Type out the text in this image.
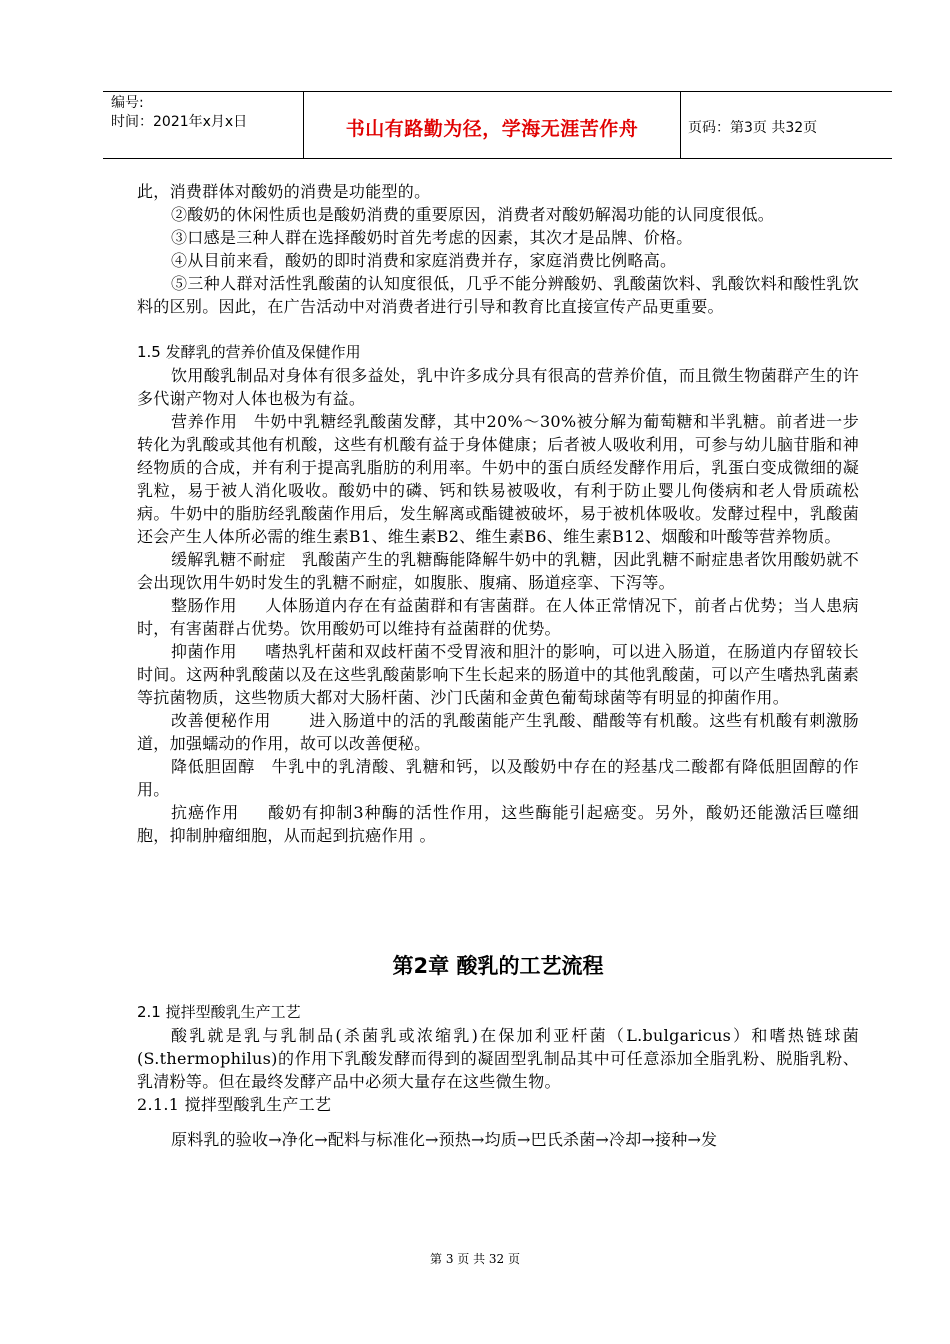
编号:
时间：2021年x月x日	书山有路勤为径，学海无涯苦作舟	页码：第3页 共32页

此，消费群体对酸奶的消费是功能型的。

②酸奶的休闲性质也是酸奶消费的重要原因，消费者对酸奶解渴功能的认同度很低。

③口感是三种人群在选择酸奶时首先考虑的因素，其次才是品牌、价格。

④从目前来看，酸奶的即时消费和家庭消费并存，家庭消费比例略高。

⑤三种人群对活性乳酸菌的认知度很低，几乎不能分辨酸奶、乳酸菌饮料、乳酸饮料和酸性乳饮料的区别。因此，在广告活动中对消费者进行引导和教育比直接宣传产品更重要。

1.5 发酵乳的营养价值及保健作用

饮用酸乳制品对身体有很多益处，乳中许多成分具有很高的营养价值，而且微生物菌群产生的许多代谢产物对人体也极为有益。

营养作用 牛奶中乳糖经乳酸菌发酵，其中20%～30%被分解为葡萄糖和半乳糖。前者进一步转化为乳酸或其他有机酸，这些有机酸有益于身体健康；后者被人吸收利用，可参与幼儿脑苷脂和神经物质的合成，并有利于提高乳脂肪的利用率。牛奶中的蛋白质经发酵作用后，乳蛋白变成微细的凝乳粒，易于被人消化吸收。酸奶中的磷、钙和铁易被吸收，有利于防止婴儿佝偻病和老人骨质疏松病。牛奶中的脂肪经乳酸菌作用后，发生解离或酯键被破坏，易于被机体吸收。发酵过程中，乳酸菌还会产生人体所必需的维生素B1、维生素B2、维生素B6、维生素B12、烟酸和叶酸等营养物质。

缓解乳糖不耐症 乳酸菌产生的乳糖酶能降解牛奶中的乳糖，因此乳糖不耐症患者饮用酸奶就不会出现饮用牛奶时发生的乳糖不耐症，如腹胀、腹痛、肠道痉挛、下泻等。

整肠作用 人体肠道内存在有益菌群和有害菌群。在人体正常情况下，前者占优势；当人患病时，有害菌群占优势。饮用酸奶可以维持有益菌群的优势。

抑菌作用 嗜热乳杆菌和双歧杆菌不受胃液和胆汁的影响，可以进入肠道，在肠道内存留较长时间。这两种乳酸菌以及在这些乳酸菌影响下生长起来的肠道中的其他乳酸菌，可以产生嗜热乳菌素等抗菌物质，这些物质大都对大肠杆菌、沙门氏菌和金黄色葡萄球菌等有明显的抑菌作用。

改善便秘作用 进入肠道中的活的乳酸菌能产生乳酸、醋酸等有机酸。这些有机酸有刺激肠道，加强蠕动的作用，故可以改善便秘。

降低胆固醇 牛乳中的乳清酸、乳糖和钙，以及酸奶中存在的羟基戊二酸都有降低胆固醇的作用。

抗癌作用 酸奶有抑制3种酶的活性作用，这些酶能引起癌变。另外，酸奶还能激活巨噬细胞，抑制肿瘤细胞，从而起到抗癌作用 。

第2章 酸乳的工艺流程

2.1 搅拌型酸乳生产工艺

酸乳就是乳与乳制品(杀菌乳或浓缩乳)在保加利亚杆菌（L.bulgaricus）和嗜热链球菌(S.thermophilus)的作用下乳酸发酵而得到的凝固型乳制品其中可任意添加全脂乳粉、脱脂乳粉、乳清粉等。但在最终发酵产品中必须大量存在这些微生物。

2.1.1 搅拌型酸乳生产工艺

原料乳的验收→净化→配料与标准化→预热→均质→巴氏杀菌→冷却→接种→发

第 3 页 共 32 页
